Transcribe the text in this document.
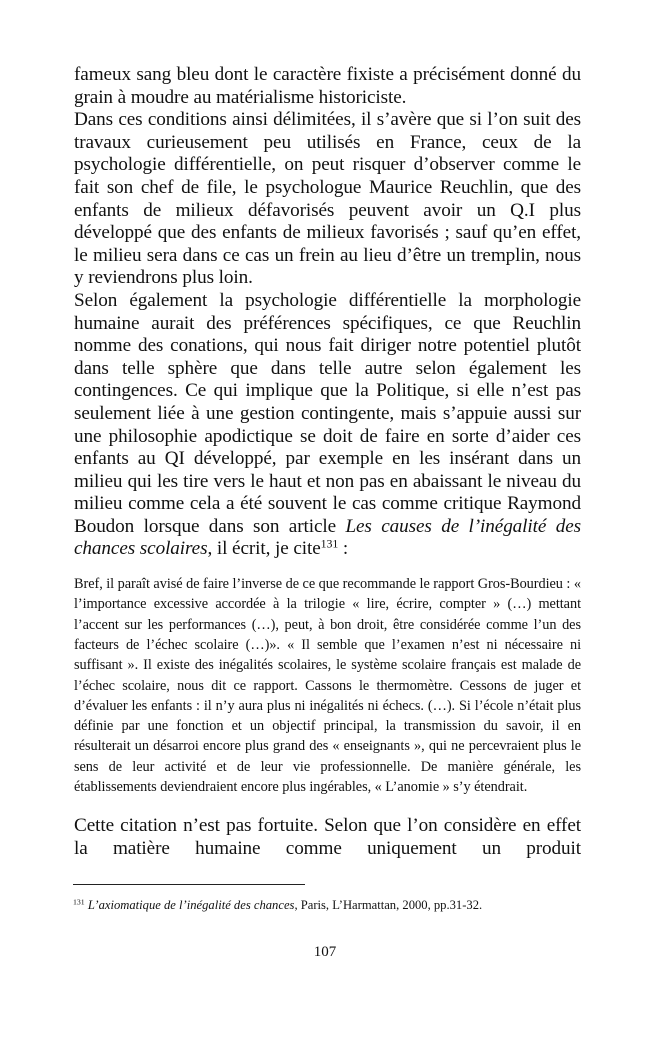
fameux sang bleu dont le caractère fixiste a précisément donné du grain à moudre au matérialisme historiciste.

Dans ces conditions ainsi délimitées, il s’avère que si l’on suit des travaux curieusement peu utilisés en France, ceux de la psychologie différentielle, on peut risquer d’observer comme le fait son chef de file, le psychologue Maurice Reuchlin, que des enfants de milieux défavorisés peuvent avoir un Q.I plus développé que des enfants de milieux favorisés ; sauf qu’en effet, le milieu sera dans ce cas un frein au lieu d’être un tremplin, nous y reviendrons plus loin.

Selon également la psychologie différentielle la morphologie humaine aurait des préférences spécifiques, ce que Reuchlin nomme des conations, qui nous fait diriger notre potentiel plutôt dans telle sphère que dans telle autre selon également les contingences. Ce qui implique que la Politique, si elle n’est pas seulement liée à une gestion contingente, mais s’appuie aussi sur une philosophie apodictique se doit de faire en sorte d’aider ces enfants au QI développé, par exemple en les insérant dans un milieu qui les tire vers le haut et non pas en abaissant le niveau du milieu comme cela a été souvent le cas comme critique Raymond Boudon lorsque dans son article Les causes de l’inégalité des chances scolaires, il écrit, je cite$^{131}$ :

Bref, il paraît avisé de faire l’inverse de ce que recommande le rapport Gros-Bourdieu : « l’importance excessive accordée à la trilogie « lire, écrire, compter » (…) mettant l’accent sur les performances (…), peut, à bon droit, être considérée comme l’un des facteurs de l’échec scolaire (…)». « Il semble que l’examen n’est ni nécessaire ni suffisant ». Il existe des inégalités scolaires, le système scolaire français est malade de l’échec scolaire, nous dit ce rapport. Cassons le thermomètre. Cessons de juger et d’évaluer les enfants : il n’y aura plus ni inégalités ni échecs. (…). Si l’école n’était plus définie par une fonction et un objectif principal, la transmission du savoir, il en résulterait un désarroi encore plus grand des « enseignants », qui ne percevraient plus le sens de leur activité et de leur vie professionnelle. De manière générale, les établissements deviendraient encore plus ingérables, « L’anomie » s’y étendrait.

Cette citation n’est pas fortuite. Selon que l’on considère en effet la matière humaine comme uniquement un produit

$^{131}$ L’axiomatique de l’inégalité des chances, Paris, L’Harmattan, 2000, pp.31-32.
107
